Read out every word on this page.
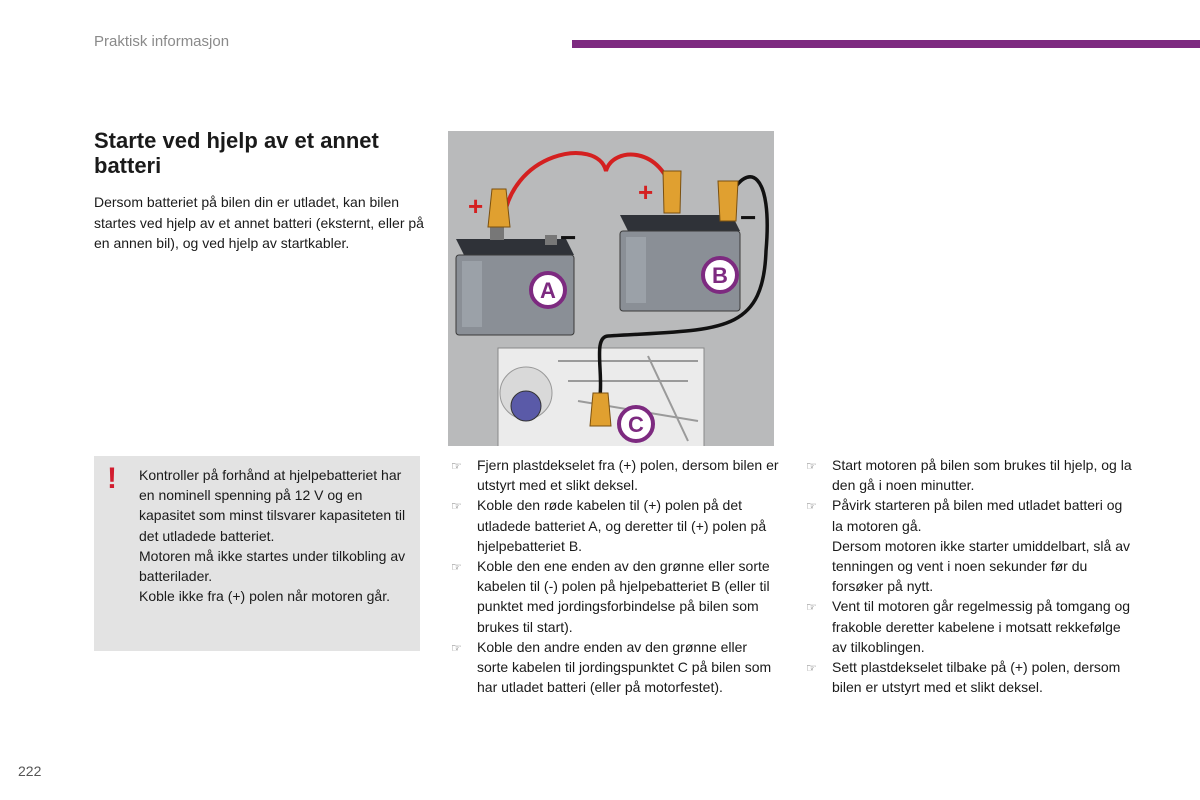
Praktisk informasjon
Starte ved hjelp av et annet batteri

Dersom batteriet på bilen din er utladet, kan bilen startes ved hjelp av et annet batteri (eksternt, eller på en annen bil), og ved hjelp av startkabler.

+	+
−
−
A
B
C
! Kontroller på forhånd at hjelpebatteriet har en nominell spenning på 12 V og en kapasitet som minst tilsvarer kapasiteten til det utladede batteriet.

Motoren må ikke startes under tilkobling av batterilader.

Koble ikke fra (+) polen når motoren går.

☞ Fjern plastdekselet fra (+) polen, dersom bilen er utstyrt med et slikt deksel.

☞ Koble den røde kabelen til (+) polen på det utladede batteriet A, og deretter til (+) polen på hjelpebatteriet B.

☞ Koble den ene enden av den grønne eller sorte kabelen til (-) polen på hjelpebatteriet B (eller til punktet med jordingsforbindelse på bilen som brukes til start).

☞ Koble den andre enden av den grønne eller sorte kabelen til jordingspunktet C på bilen som har utladet batteri (eller på motorfestet).

☞ Start motoren på bilen som brukes til hjelp, og la den gå i noen minutter.

☞ Påvirk starteren på bilen med utladet batteri og la motoren gå.

Dersom motoren ikke starter umiddelbart, slå av tenningen og vent i noen sekunder før du forsøker på nytt.

☞ Vent til motoren går regelmessig på tomgang og frakoble deretter kabelene i motsatt rekkefølge av tilkoblingen.

☞ Sett plastdekselet tilbake på (+) polen, dersom bilen er utstyrt med et slikt deksel.

222
